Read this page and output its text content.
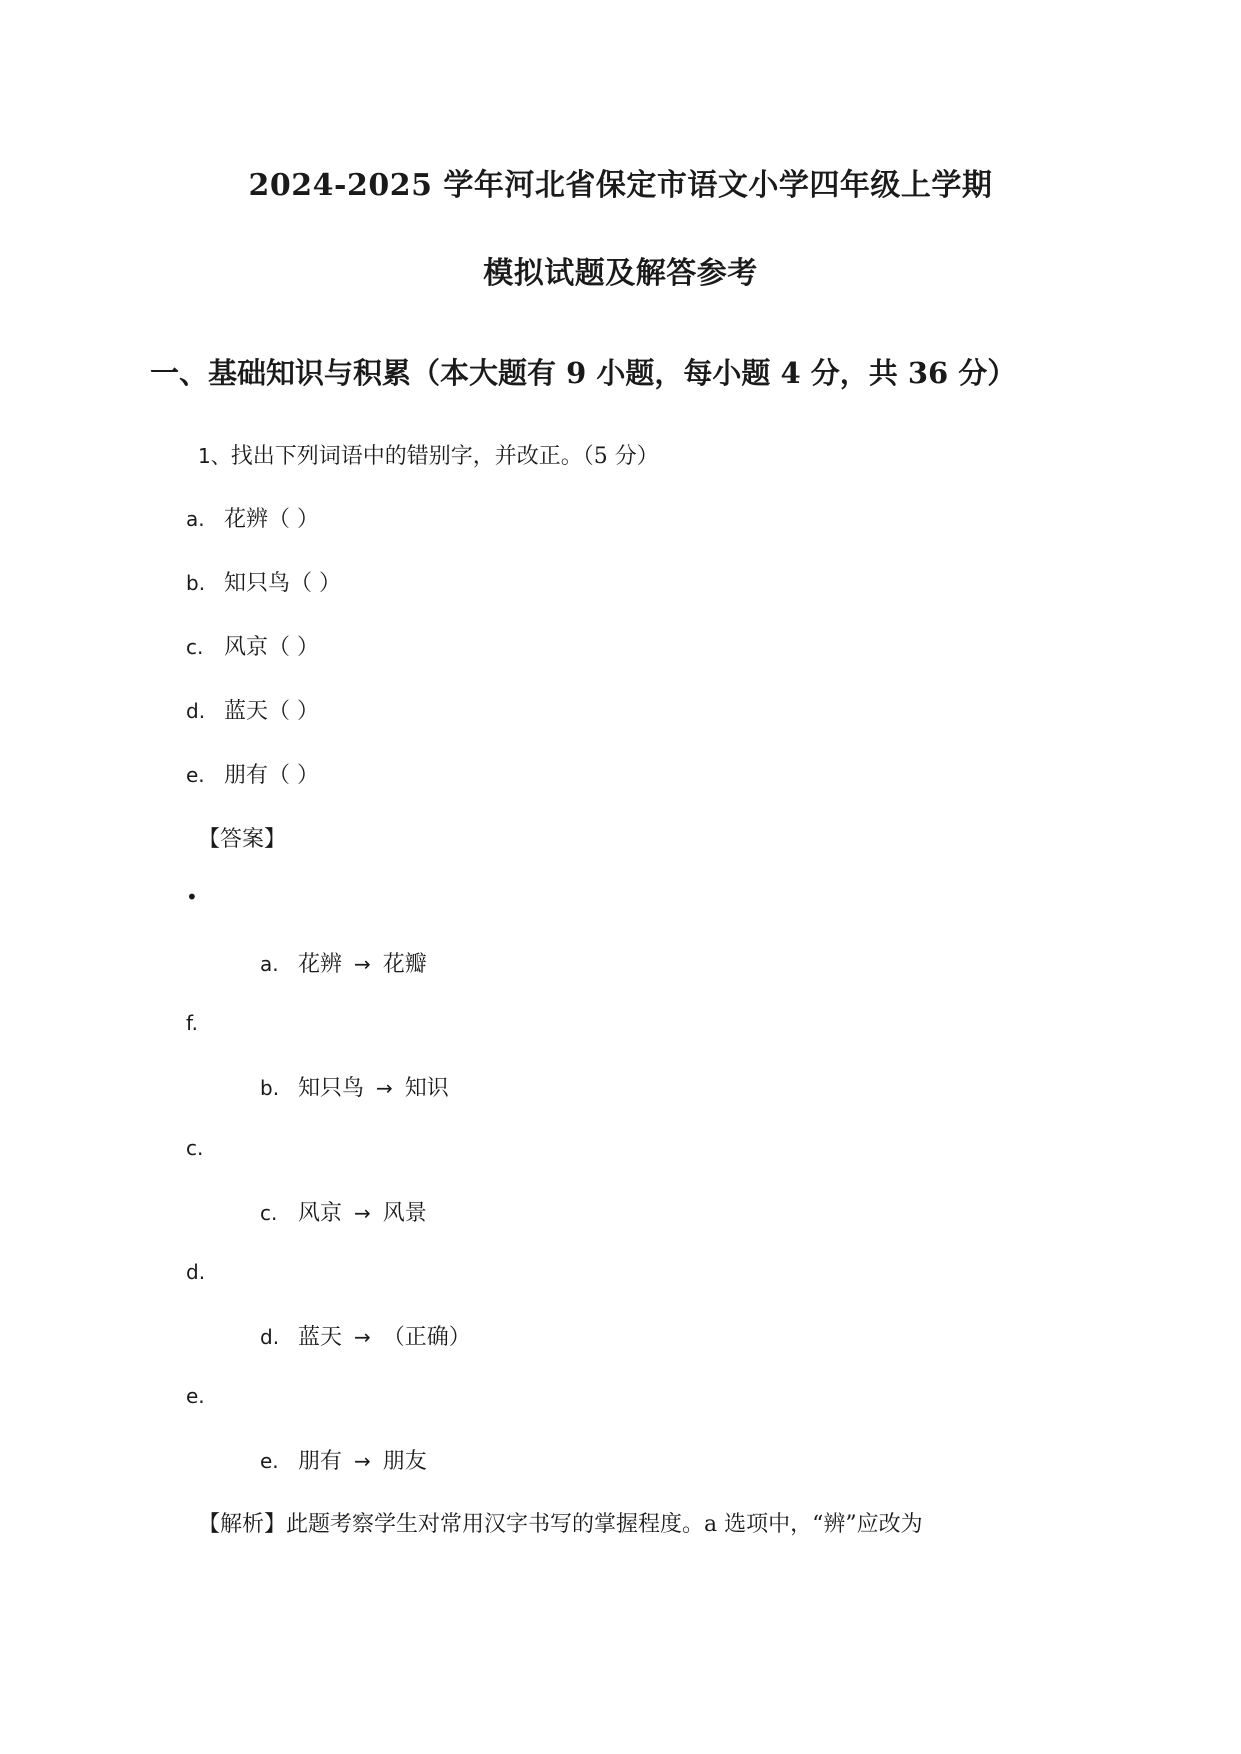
2024-2025 学年河北省保定市语文小学四年级上学期
模拟试题及解答参考
一、基础知识与积累（本大题有 9 小题，每小题 4 分，共 36 分）
1、找出下列词语中的错别字，并改正。（5 分）
a. 花辨（ ）
b. 知只鸟（ ）
c. 风京（ ）
d. 蓝天（ ）
e. 朋有（ ）
【答案】
•
a. 花辨 → 花瓣
f.
b. 知只鸟 → 知识
c.
c. 风京 → 风景
d.
d. 蓝天 → （正确）
e.
e. 朋有 → 朋友
【解析】此题考察学生对常用汉字书写的掌握程度。a 选项中，“辨”应改为
